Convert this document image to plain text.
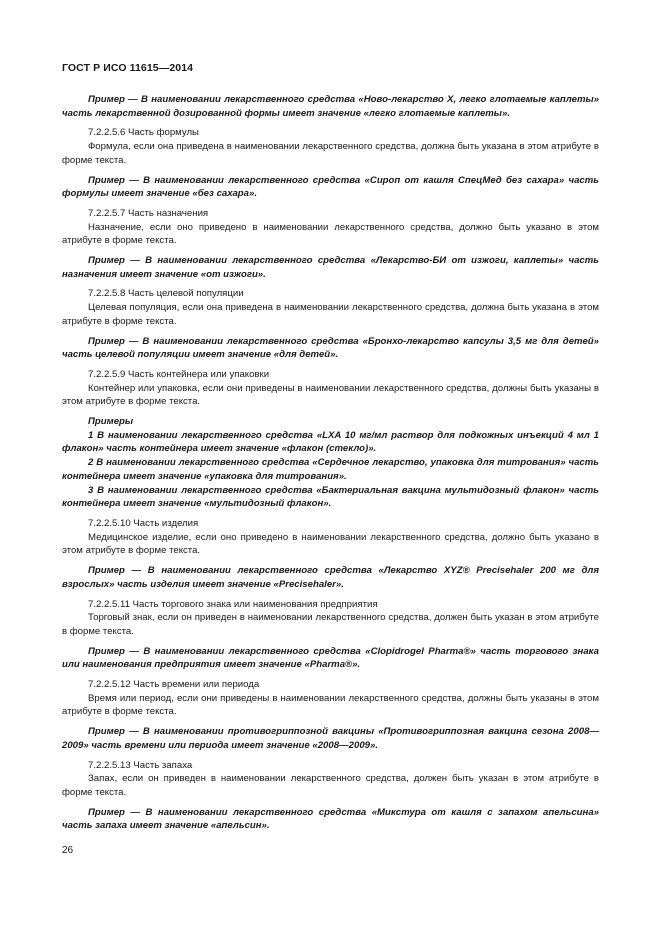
ГОСТ Р ИСО 11615—2014

Пример — В наименовании лекарственного средства «Ново-лекарство X, легко глотаемые каплеты» часть лекарственной дозированной формы имеет значение «легко глотаемые каплеты».

7.2.2.5.6 Часть формулы

Формула, если она приведена в наименовании лекарственного средства, должна быть указана в этом атрибуте в форме текста.

Пример — В наименовании лекарственного средства «Сироп от кашля СпецМед без сахара» часть формулы имеет значение «без сахара».

7.2.2.5.7 Часть назначения

Назначение, если оно приведено в наименовании лекарственного средства, должно быть указано в этом атрибуте в форме текста.

Пример — В наименовании лекарственного средства «Лекарство-БИ от изжоги, каплеты» часть назначения имеет значение «от изжоги».

7.2.2.5.8 Часть целевой популяции

Целевая популяция, если она приведена в наименовании лекарственного средства, должна быть указана в этом атрибуте в форме текста.

Пример — В наименовании лекарственного средства «Бронхо-лекарство капсулы 3,5 мг для детей» часть целевой популяции имеет значение «для детей».

7.2.2.5.9 Часть контейнера или упаковки

Контейнер или упаковка, если они приведены в наименовании лекарственного средства, должны быть указаны в этом атрибуте в форме текста.

Примеры

1 В наименовании лекарственного средства «LXA 10 мг/мл раствор для подкожных инъекций 4 мл 1 флакон» часть контейнера имеет значение «флакон (стекло)».

2 В наименовании лекарственного средства «Сердечное лекарство, упаковка для титрования» часть контейнера имеет значение «упаковка для титрования».

3 В наименовании лекарственного средства «Бактериальная вакцина мультидозный флакон» часть контейнера имеет значение «мультидозный флакон».

7.2.2.5.10 Часть изделия

Медицинское изделие, если оно приведено в наименовании лекарственного средства, должно быть указано в этом атрибуте в форме текста.

Пример — В наименовании лекарственного средства «Лекарство XYZ® Precisehaler 200 мг для взрослых» часть изделия имеет значение «Precisehaler».

7.2.2.5.11 Часть торгового знака или наименования предприятия

Торговый знак, если он приведен в наименовании лекарственного средства, должен быть указан в этом атрибуте в форме текста.

Пример — В наименовании лекарственного средства «Clopidrogel Pharma®» часть торгового знака или наименования предприятия имеет значение «Pharma®».

7.2.2.5.12 Часть времени или периода

Время или период, если они приведены в наименовании лекарственного средства, должны быть указаны в этом атрибуте в форме текста.

Пример — В наименовании противогриппозной вакцины «Противогриппозная вакцина сезона 2008—2009» часть времени или периода имеет значение «2008—2009».

7.2.2.5.13 Часть запаха

Запах, если он приведен в наименовании лекарственного средства, должен быть указан в этом атрибуте в форме текста.

Пример — В наименовании лекарственного средства «Микстура от кашля с запахом апельсина» часть запаха имеет значение «апельсин».

26
